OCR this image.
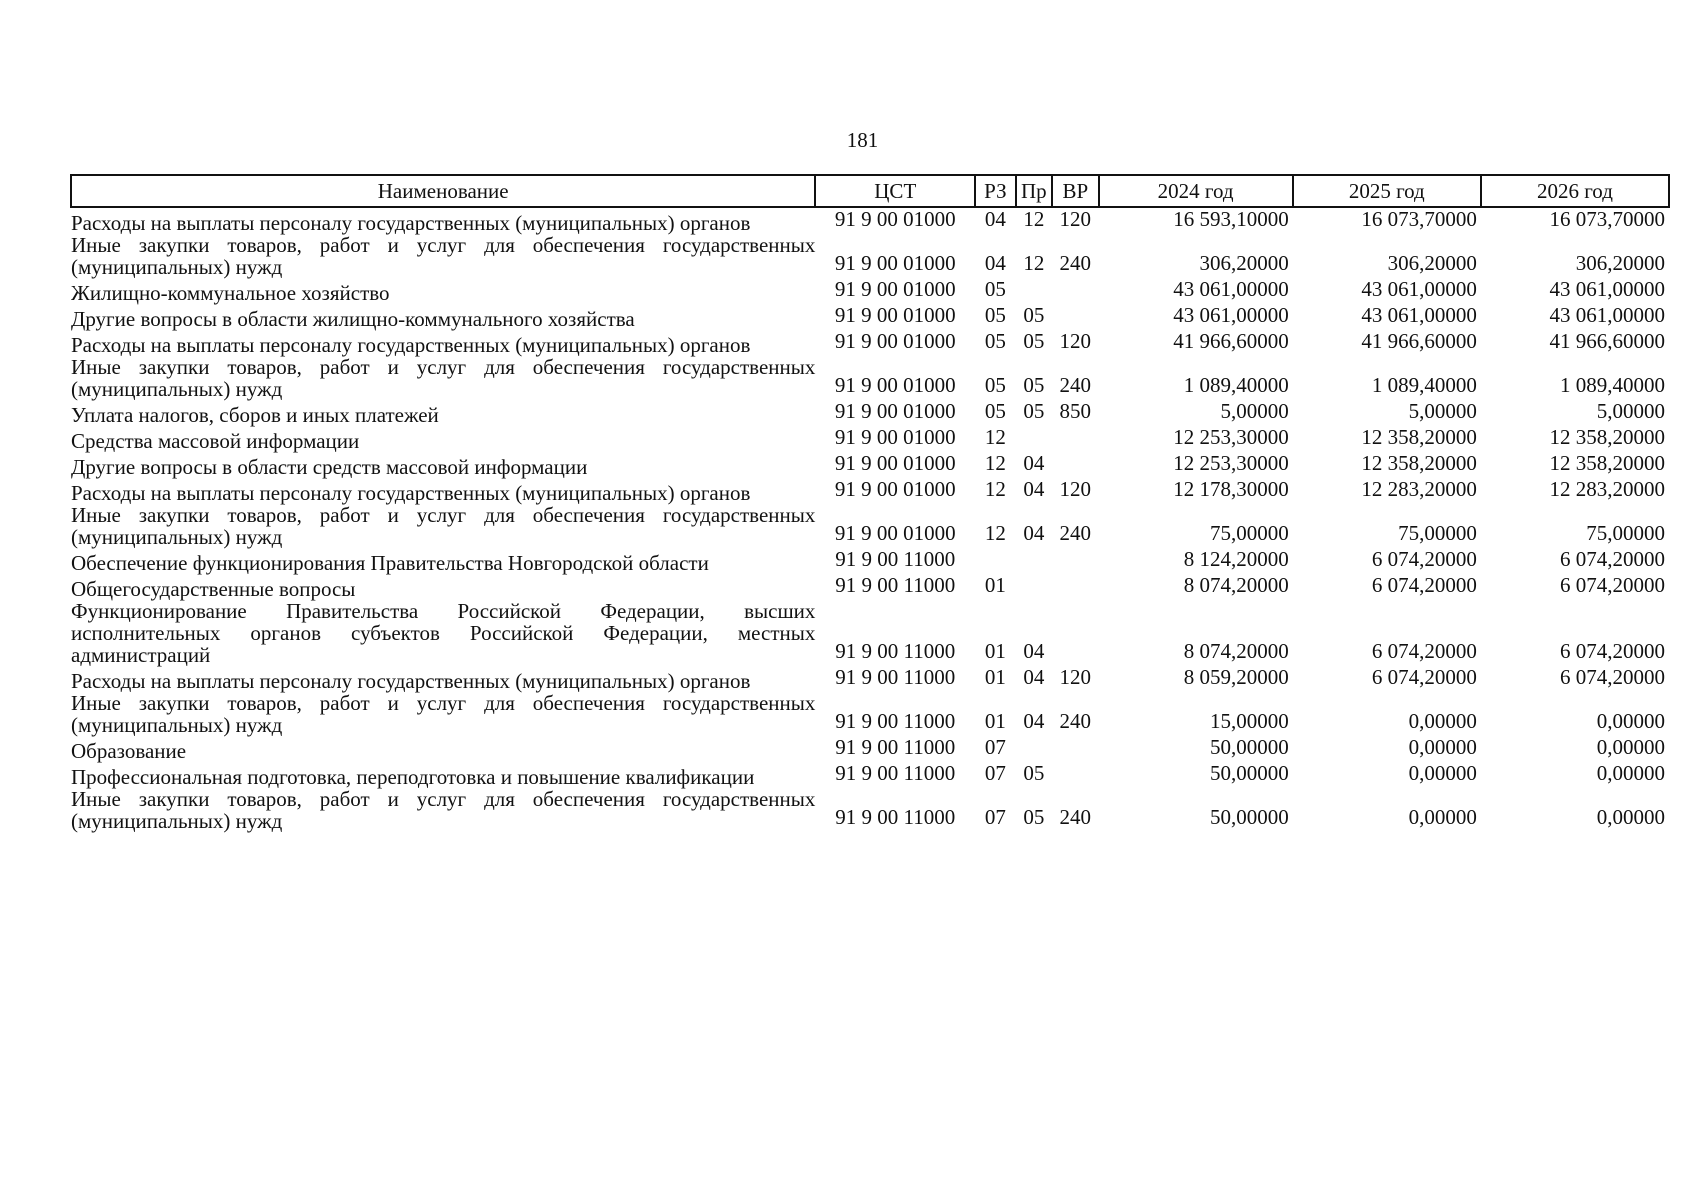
181
Наименование	ЦСТ	РЗ	Пр	ВР	2024 год	2025 год	2026 год
Расходы на выплаты персоналу государственных (муниципальных) органов	91 9 00 01000	04	12	120	16 593,10000	16 073,70000	16 073,70000
Иные закупки товаров, работ и услуг для обеспечения государственных (муниципальных) нужд	91 9 00 01000	04	12	240	306,20000	306,20000	306,20000
Жилищно-коммунальное хозяйство	91 9 00 01000	05			43 061,00000	43 061,00000	43 061,00000
Другие вопросы в области жилищно-коммунального хозяйства	91 9 00 01000	05	05		43 061,00000	43 061,00000	43 061,00000
Расходы на выплаты персоналу государственных (муниципальных) органов	91 9 00 01000	05	05	120	41 966,60000	41 966,60000	41 966,60000
Иные закупки товаров, работ и услуг для обеспечения государственных (муниципальных) нужд	91 9 00 01000	05	05	240	1 089,40000	1 089,40000	1 089,40000
Уплата налогов, сборов и иных платежей	91 9 00 01000	05	05	850	5,00000	5,00000	5,00000
Средства массовой информации	91 9 00 01000	12			12 253,30000	12 358,20000	12 358,20000
Другие вопросы в области средств массовой информации	91 9 00 01000	12	04		12 253,30000	12 358,20000	12 358,20000
Расходы на выплаты персоналу государственных (муниципальных) органов	91 9 00 01000	12	04	120	12 178,30000	12 283,20000	12 283,20000
Иные закупки товаров, работ и услуг для обеспечения государственных (муниципальных) нужд	91 9 00 01000	12	04	240	75,00000	75,00000	75,00000
Обеспечение функционирования Правительства Новгородской области	91 9 00 11000				8 124,20000	6 074,20000	6 074,20000
Общегосударственные вопросы	91 9 00 11000	01			8 074,20000	6 074,20000	6 074,20000
Функционирование Правительства Российской Федерации, высших исполнительных органов субъектов Российской Федерации, местных администраций	91 9 00 11000	01	04		8 074,20000	6 074,20000	6 074,20000
Расходы на выплаты персоналу государственных (муниципальных) органов	91 9 00 11000	01	04	120	8 059,20000	6 074,20000	6 074,20000
Иные закупки товаров, работ и услуг для обеспечения государственных (муниципальных) нужд	91 9 00 11000	01	04	240	15,00000	0,00000	0,00000
Образование	91 9 00 11000	07			50,00000	0,00000	0,00000
Профессиональная подготовка, переподготовка и повышение квалификации	91 9 00 11000	07	05		50,00000	0,00000	0,00000
Иные закупки товаров, работ и услуг для обеспечения государственных (муниципальных) нужд	91 9 00 11000	07	05	240	50,00000	0,00000	0,00000
